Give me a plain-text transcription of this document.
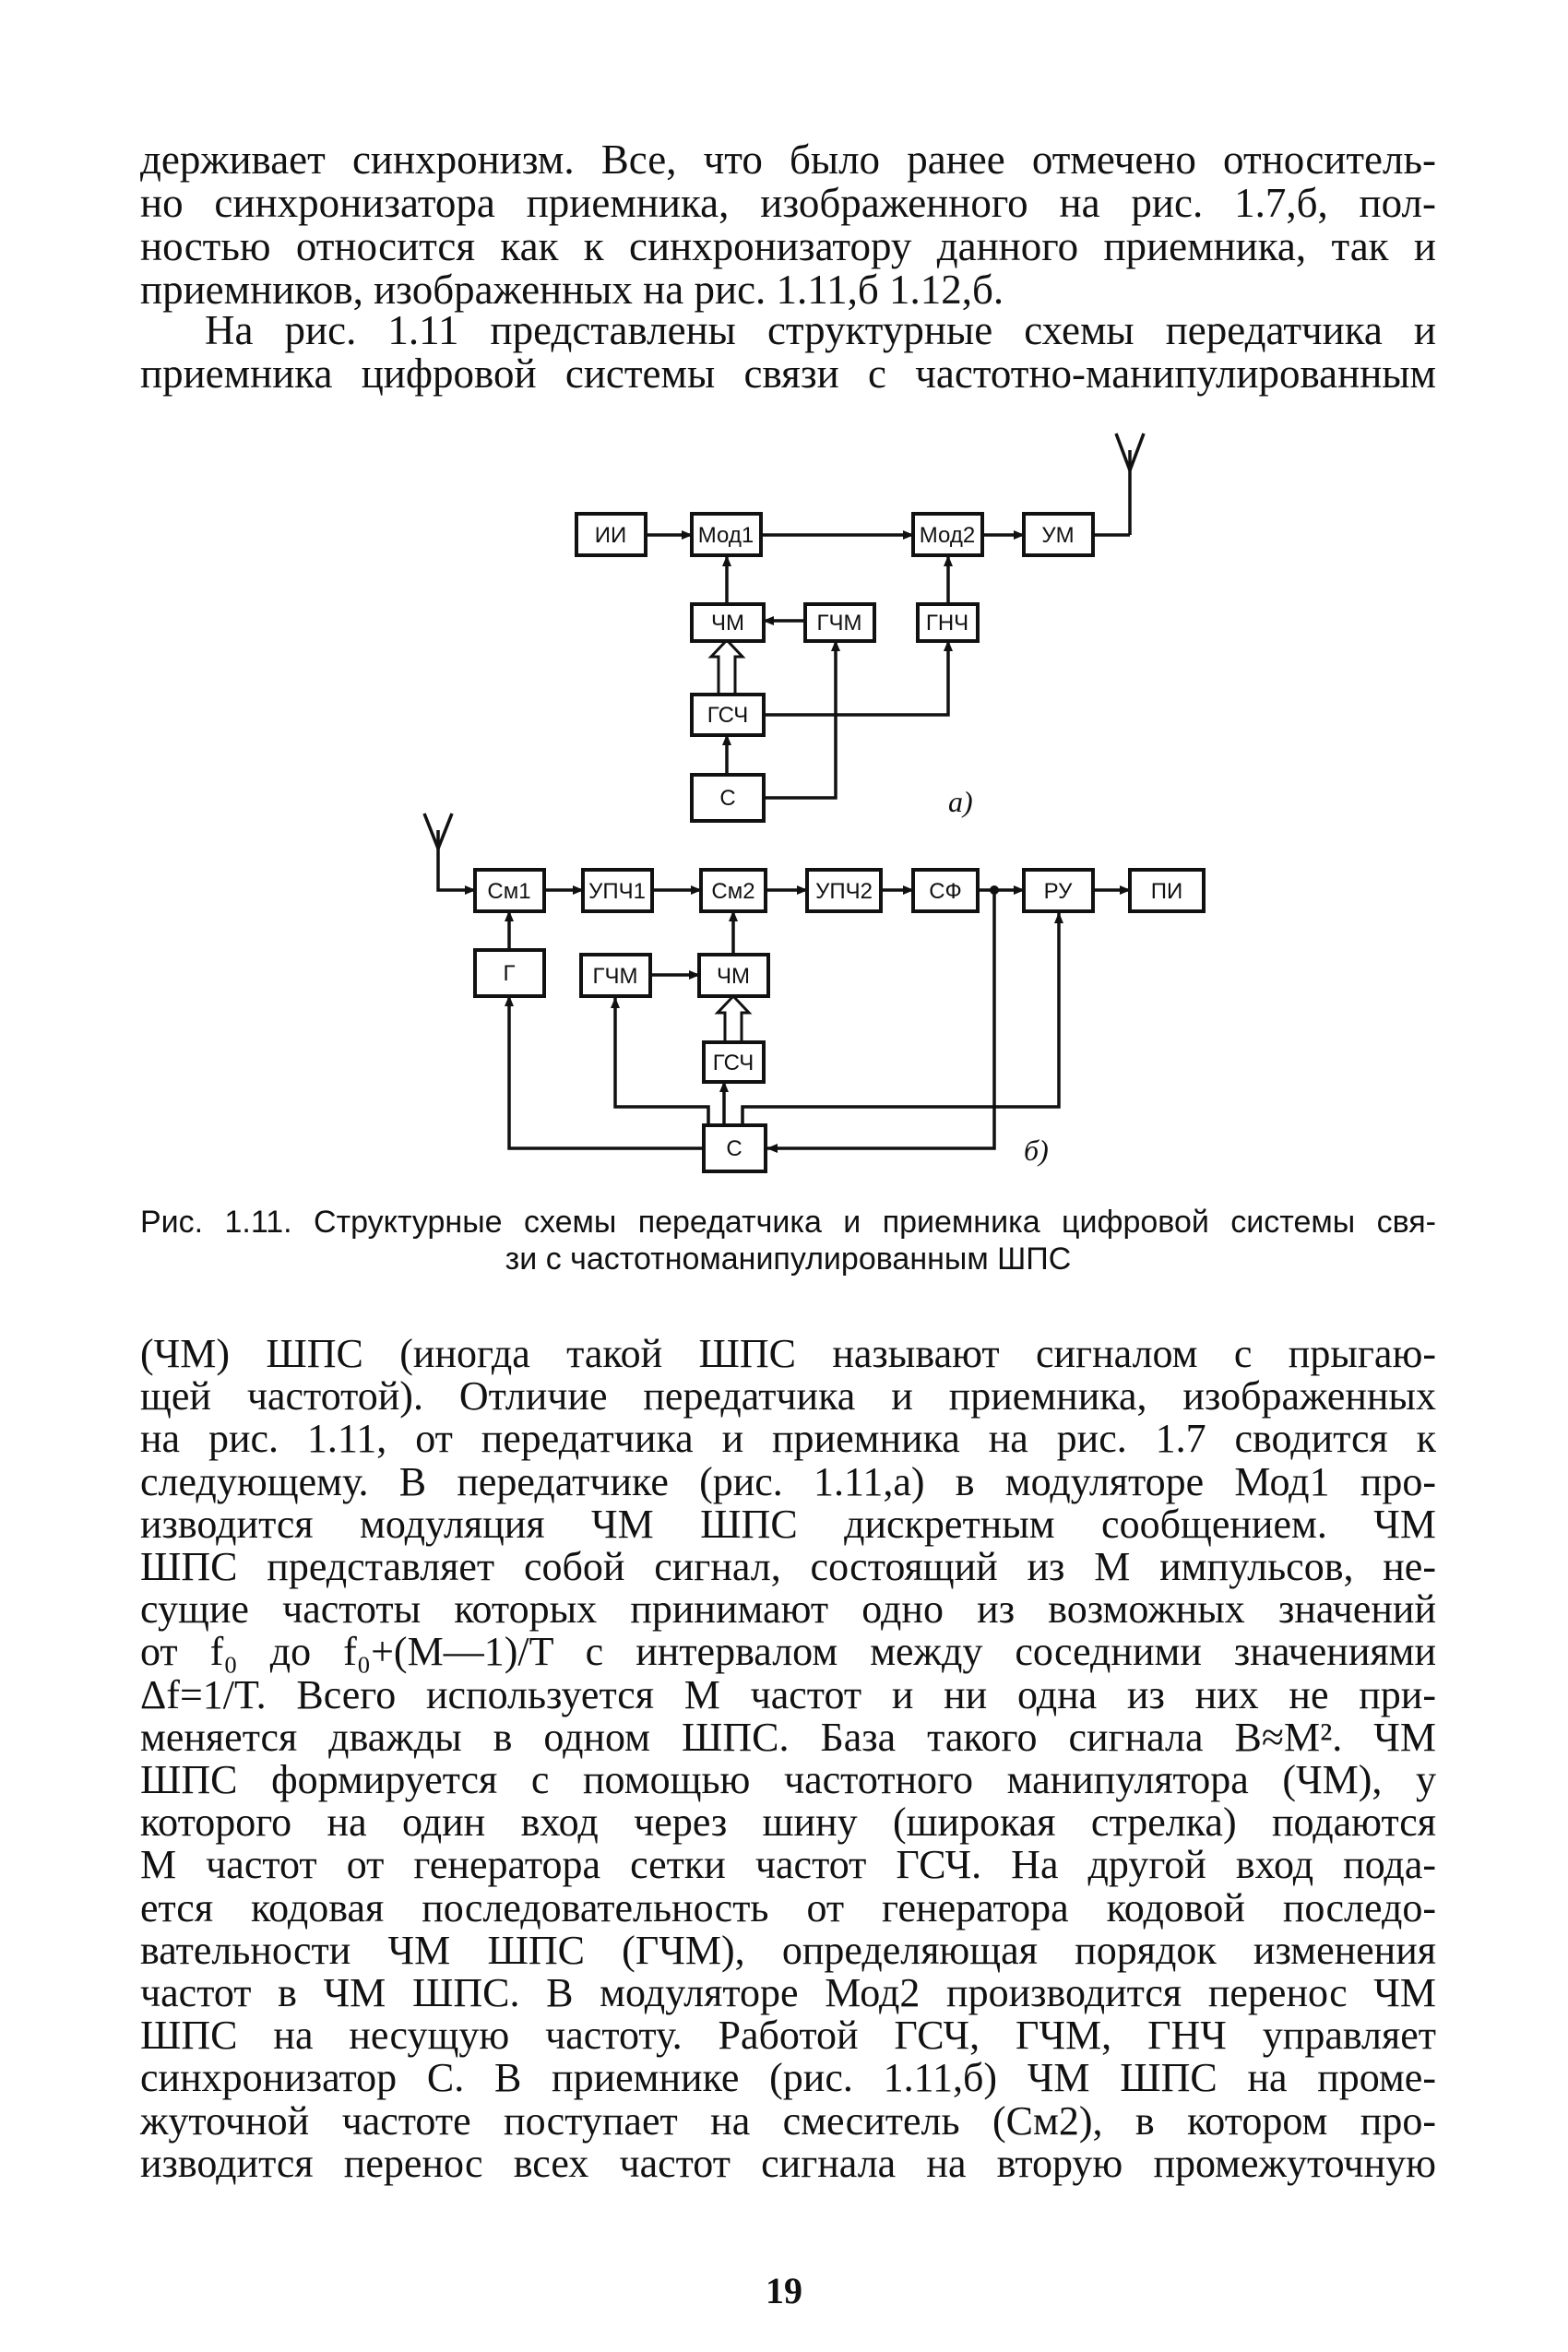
держивает синхронизм. Все, что было ранее отмечено относитель-
но синхронизатора приемника, изображенного на рис. 1.7,б, пол-
ностью относится как к синхронизатору данного приемника, так и
приемников, изображенных на рис. 1.11,б 1.12,б.

На рис. 1.11 представлены структурные схемы передатчика и
приемника цифровой системы связи с частотно-манипулированным

ИИ	Мод1	Мод2	УМ
ЧМ	ГЧМ	ГНЧ
ГСЧ
С	а)
См1	УПЧ1	См2	УПЧ2	СФ	РУ	ПИ
Г	ГЧМ	ЧМ
ГСЧ
С	б)
Рис. 1.11. Структурные схемы передатчика и приемника цифровой системы свя-
зи с частотноманипулированным ШПС

(ЧМ) ШПС (иногда такой ШПС называют сигналом с прыгаю-
щей частотой). Отличие передатчика и приемника, изображенных
на рис. 1.11, от передатчика и приемника на рис. 1.7 сводится к
следующему. В передатчике (рис. 1.11,а) в модуляторе Мод1 про-
изводится модуляция ЧМ ШПС дискретным сообщением. ЧМ
ШПС представляет собой сигнал, состоящий из M импульсов, не-
сущие частоты которых принимают одно из возможных значений
от f₀ до f₀+(M—1)/T с интервалом между соседними значениями
Δf=1/T. Всего используется M частот и ни одна из них не при-
меняется дважды в одном ШПС. База такого сигнала B≈M². ЧМ
ШПС формируется с помощью частотного манипулятора (ЧМ), у
которого на один вход через шину (широкая стрелка) подаются
M частот от генератора сетки частот ГСЧ. На другой вход пода-
ется кодовая последовательность от генератора кодовой последо-
вательности ЧМ ШПС (ГЧМ), определяющая порядок изменения
частот в ЧМ ШПС. В модуляторе Мод2 производится перенос ЧМ
ШПС на несущую частоту. Работой ГСЧ, ГЧМ, ГНЧ управляет
синхронизатор С. В приемнике (рис. 1.11,б) ЧМ ШПС на проме-
жуточной частоте поступает на смеситель (См2), в котором про-
изводится перенос всех частот сигнала на вторую промежуточную

19
